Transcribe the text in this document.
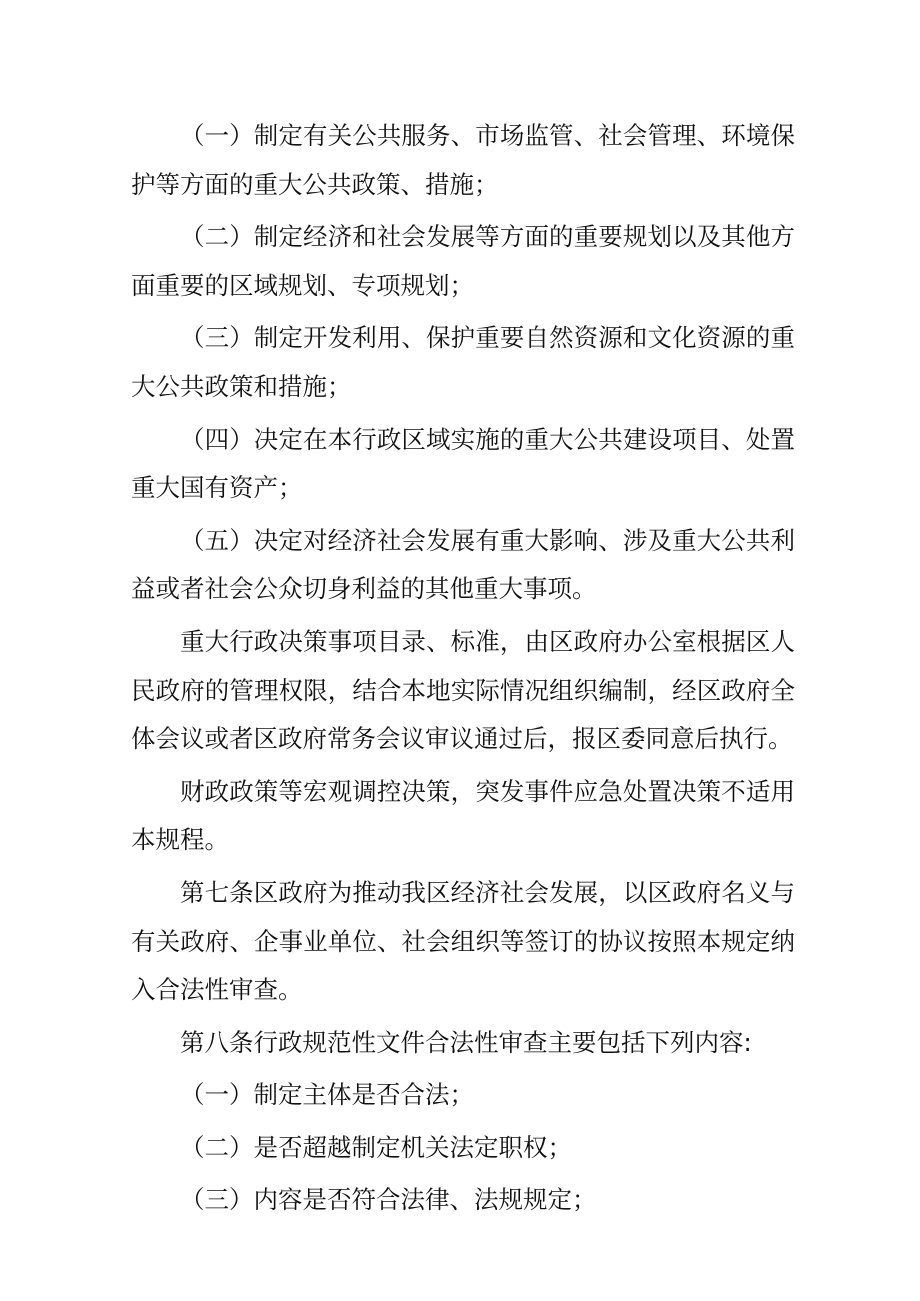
（一）制定有关公共服务、市场监管、社会管理、环境保护等方面的重大公共政策、措施；

（二）制定经济和社会发展等方面的重要规划以及其他方面重要的区域规划、专项规划；

（三）制定开发利用、保护重要自然资源和文化资源的重大公共政策和措施；

（四）决定在本行政区域实施的重大公共建设项目、处置重大国有资产；

（五）决定对经济社会发展有重大影响、涉及重大公共利益或者社会公众切身利益的其他重大事项。

重大行政决策事项目录、标准，由区政府办公室根据区人民政府的管理权限，结合本地实际情况组织编制，经区政府全体会议或者区政府常务会议审议通过后，报区委同意后执行。

财政政策等宏观调控决策，突发事件应急处置决策不适用本规程。

第七条区政府为推动我区经济社会发展，以区政府名义与有关政府、企事业单位、社会组织等签订的协议按照本规定纳入合法性审查。

第八条行政规范性文件合法性审查主要包括下列内容:

（一）制定主体是否合法；

（二）是否超越制定机关法定职权；

（三）内容是否符合法律、法规规定；
